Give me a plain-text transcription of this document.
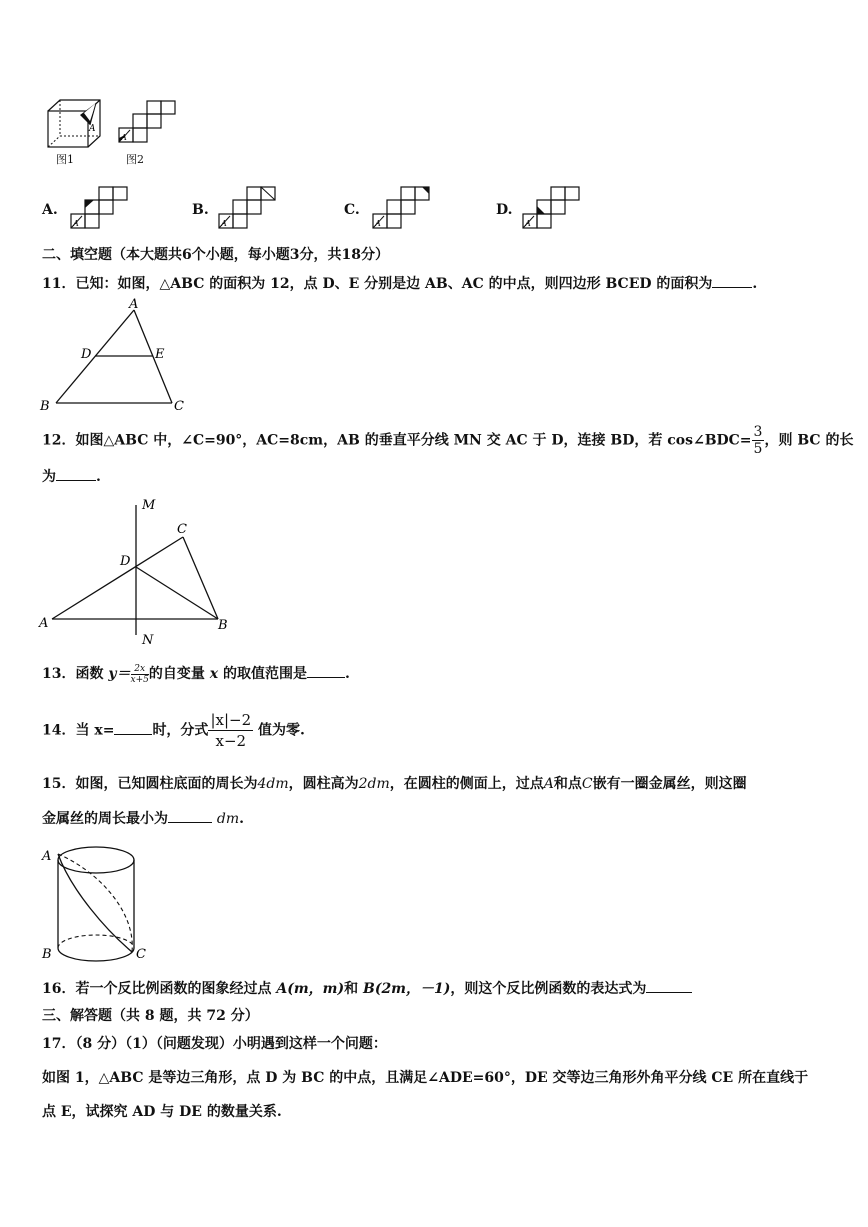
A
图1
A
图2
A.
A
B.
A
C.
A
D.
A
二、填空题（本大题共6个小题，每小题3分，共18分）
11．已知：如图，△ABC 的面积为 12，点 D、E 分别是边 AB、AC 的中点，则四边形 BCED 的面积为	.
A
B	C
D	E
12．如图△ABC 中，∠C=90°，AC=8cm，AB 的垂直平分线 MN 交 AC 于 D，连接 BD，若 cos∠BDC= $\frac{3}{5}$ ，则 BC 的长
为	.
M
N
A	B
C
D
13．函数 $y= \frac{2x}{x+5}$ 的自变量 x 的取值范围是	.
14．当 x=	时，分式 $\frac{|x|-2}{x-2}$ 值为零.
15．如图，已知圆柱底面的周长为4dm，圆柱高为2dm，在圆柱的侧面上，过点A和点C嵌有一圈金属丝，则这圈
金属丝的周长最小为	dm.
A
B	C
16．若一个反比例函数的图象经过点 A(m，m)和 B(2m，－1)，则这个反比例函数的表达式为
三、解答题（共 8 题，共 72 分）
17．（8 分）（1）（问题发现）小明遇到这样一个问题：
如图 1，△ABC 是等边三角形，点 D 为 BC 的中点，且满足∠ADE=60°，DE 交等边三角形外角平分线 CE 所在直线于
点 E，试探究 AD 与 DE 的数量关系.
